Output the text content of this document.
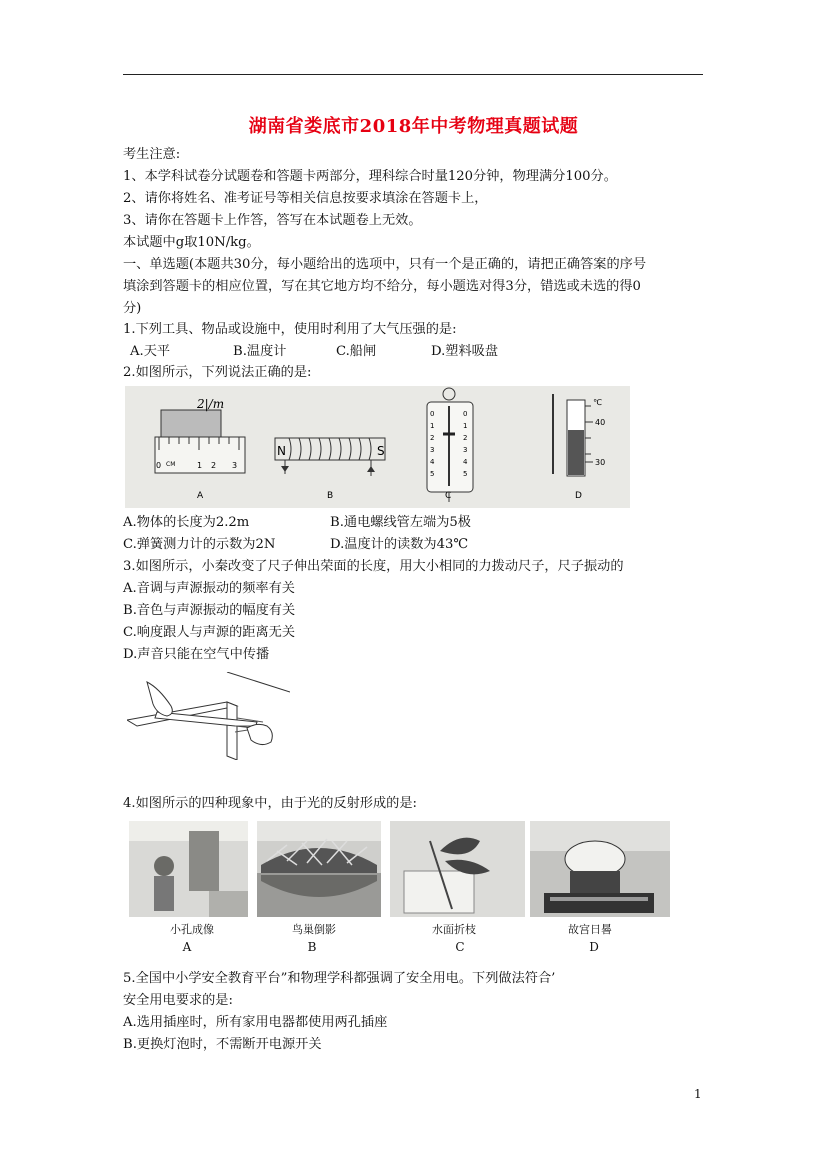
湖南省娄底市2018年中考物理真题试题
考生注意:
1、本学科试卷分试题卷和答题卡两部分，理科综合时量120分钟，物理满分100分。
2、请你将姓名、准考证号等相关信息按要求填涂在答题卡上，
3、请你在答题卡上作答，答写在本试题卷上无效。
本试题中g取10N/kg。
一、单选题(本题共30分，每小题给出的选项中，只有一个是正确的，请把正确答案的序号
填涂到答题卡的相应位置，写在其它地方均不给分，每小题选对得3分，错选或未选的得0
分)
1.下列工具、物品或设施中，使用时利用了大气压强的是:
A.天平	B.温度计	C.船闸	D.塑料吸盘
2.如图所示，下列说法正确的是:
0 CM	1 2 3
2|/m
N	S
0
1
2
3
4
5
0
1
2
3
4
5
℃
40
30
A	B	C	D
A.物体的长度为2.2m	B.通电螺线管左端为5极
C.弹簧测力计的示数为2N	D.温度计的读数为43℃
3.如图所示，小秦改变了尺子伸出荣面的长度，用大小相同的力拨动尺子，尺子振动的
A.音调与声源振动的频率有关
B.音色与声源振动的幅度有关
C.响度跟人与声源的距离无关
D.声音只能在空气中传播
4.如图所示的四种现象中，由于光的反射形成的是:
小孔成像	鸟巢倒影	水面折枝	故宫日晷
A	B	C	D
5.全国中小学安全教育平台”和物理学科都强调了安全用电。下列做法符合’
安全用电要求的是:
A.选用插座时，所有家用电器都使用两孔插座
B.更换灯泡时，不需断开电源开关
1
